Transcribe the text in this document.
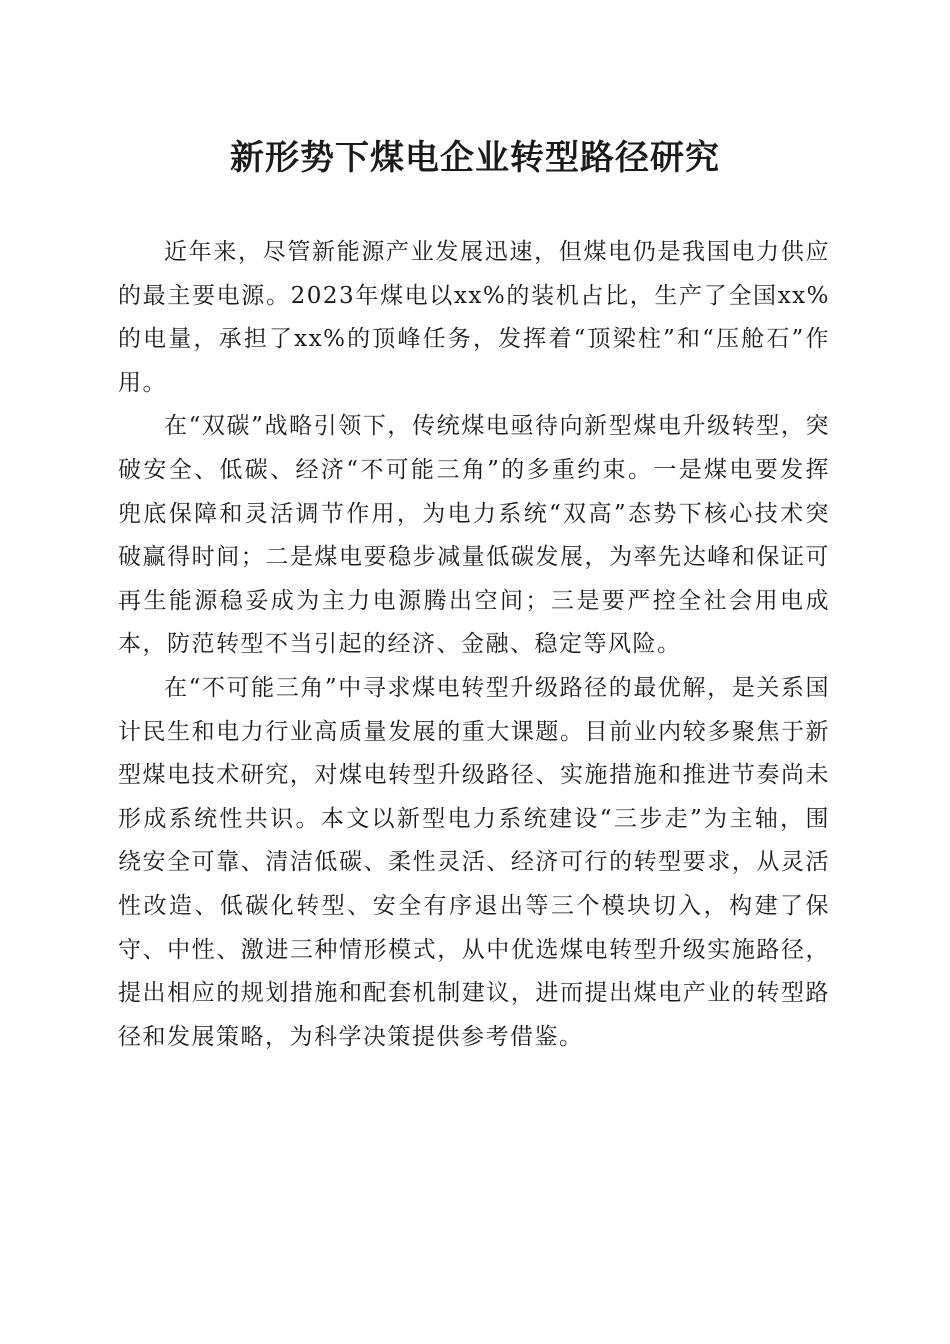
新形势下煤电企业转型路径研究

近年来，尽管新能源产业发展迅速，但煤电仍是我国电力供应的最主要电源。2023年煤电以xx%的装机占比，生产了全国xx%的电量，承担了xx%的顶峰任务，发挥着“顶梁柱”和“压舱石”作用。

在“双碳”战略引领下，传统煤电亟待向新型煤电升级转型，突破安全、低碳、经济“不可能三角”的多重约束。一是煤电要发挥兜底保障和灵活调节作用，为电力系统“双高”态势下核心技术突破赢得时间；二是煤电要稳步减量低碳发展，为率先达峰和保证可再生能源稳妥成为主力电源腾出空间；三是要严控全社会用电成本，防范转型不当引起的经济、金融、稳定等风险。

在“不可能三角”中寻求煤电转型升级路径的最优解，是关系国计民生和电力行业高质量发展的重大课题。目前业内较多聚焦于新型煤电技术研究，对煤电转型升级路径、实施措施和推进节奏尚未形成系统性共识。本文以新型电力系统建设“三步走”为主轴，围绕安全可靠、清洁低碳、柔性灵活、经济可行的转型要求，从灵活性改造、低碳化转型、安全有序退出等三个模块切入，构建了保守、中性、激进三种情形模式，从中优选煤电转型升级实施路径，提出相应的规划措施和配套机制建议，进而提出煤电产业的转型路径和发展策略，为科学决策提供参考借鉴。
